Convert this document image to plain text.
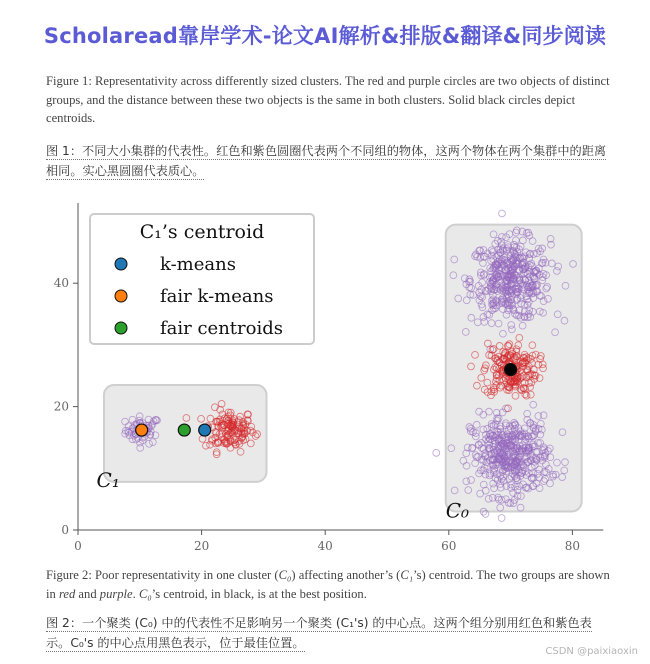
Scholaread靠岸学术-论文AI解析&排版&翻译&同步阅读
Figure 1: Representativity across differently sized clusters. The red and purple circles are two objects of distinct groups, and the distance between these two objects is the same in both clusters. Solid black circles depict centroids.
图 1：不同大小集群的代表性。红色和紫色圆圈代表两个不同组的物体，这两个物体在两个集群中的距离
相同。实心黑圆圈代表质心。
0	20	40	60	80
0
20
40
C₁
C₀
C₁’s centroid
k-means
fair k-means
fair centroids
Figure 2: Poor representativity in one cluster (C₀) affecting another’s (C₁’s) centroid. The two groups are shown in red and purple. C₀’s centroid, in black, is at the best position.
图 2：一个聚类 (C₀) 中的代表性不足影响另一个聚类 (C₁'s) 的中心点。这两个组分别用红色和紫色表
示。C₀'s 的中心点用黑色表示，位于最佳位置。
CSDN @paixiaoxin
